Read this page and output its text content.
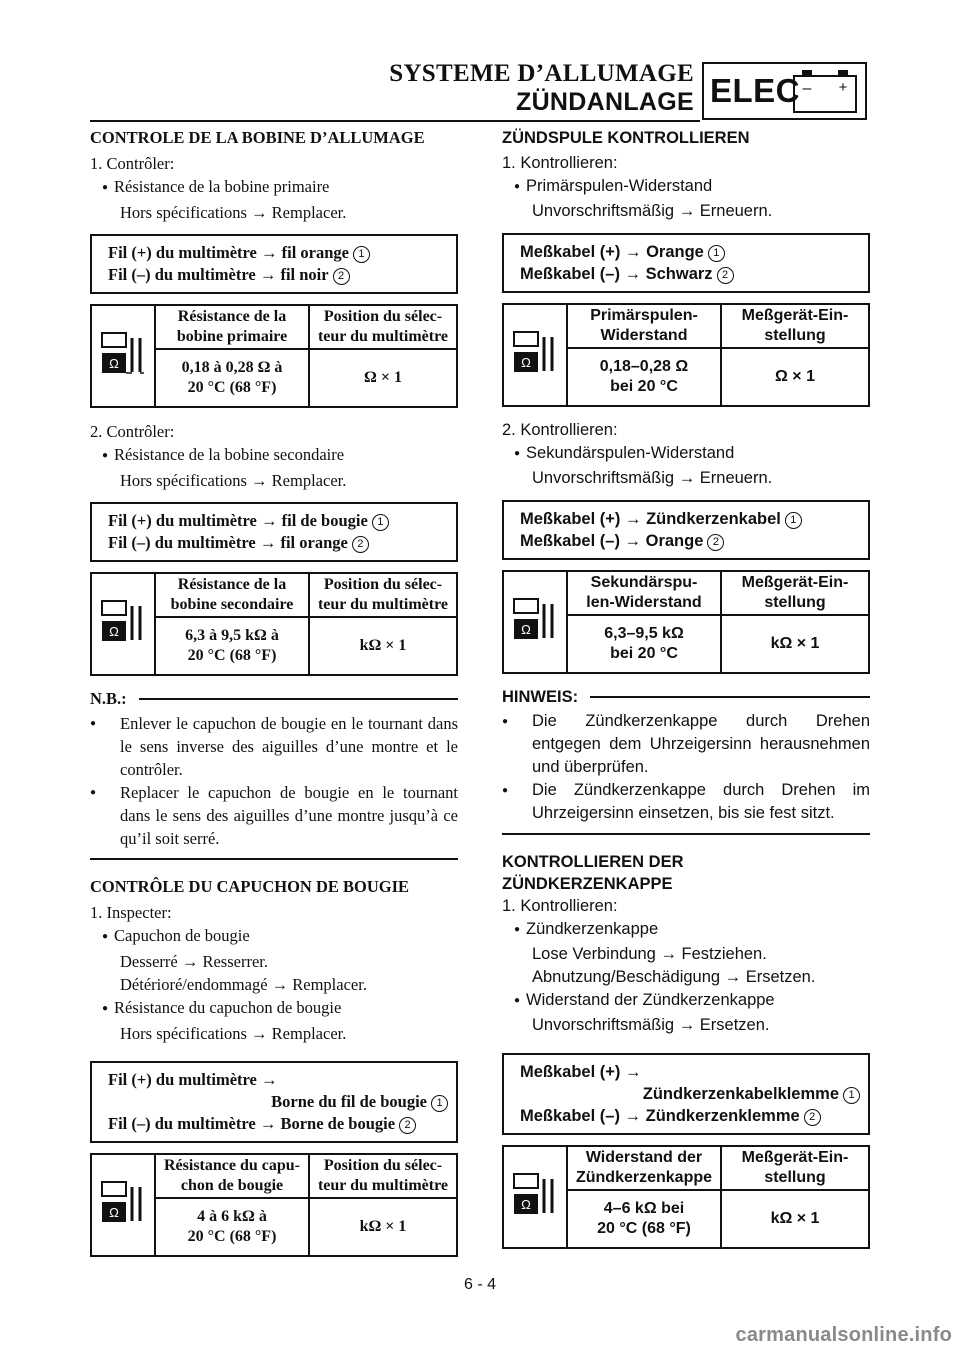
SYSTEME D’ALLUMAGE
ZÜNDANLAGE ELEC – +
CONTROLE DE LA BOBINE D’ALLUMAGE
1. Contrôler:
● Résistance de la bobine primaire
Hors spécifications → Remplacer.
Fil (+) du multimètre → fil orange 1
Fil (–) du multimètre → fil noir 2
Ω	Résistance de la
bobine primaire	Position du sélec-
teur du multimètre
	0,18 à 0,28 Ω à
20 °C (68 °F)	Ω × 1
2. Contrôler:
● Résistance de la bobine secondaire
Hors spécifications → Remplacer.
Fil (+) du multimètre → fil de bougie 1
Fil (–) du multimètre → fil orange 2
Ω	Résistance de la
bobine secondaire	Position du sélec-
teur du multimètre
	6,3 à 9,5 kΩ à
20 °C (68 °F)	kΩ × 1
N.B.:
●	Enlever le capuchon de bougie en le tournant dans le sens inverse des aiguilles d’une montre et le contrôler.
●	Replacer le capuchon de bougie en le tournant dans le sens des aiguilles d’une montre jusqu’à ce qu’il soit serré.
CONTRÔLE DU CAPUCHON DE BOUGIE
1. Inspecter:
● Capuchon de bougie
Desserré → Resserrer.
Détérioré/endommagé → Remplacer.
● Résistance du capuchon de bougie
Hors spécifications → Remplacer.
Fil (+) du multimètre →
Borne du fil de bougie 1
Fil (–) du multimètre → Borne de bougie 2
Ω	Résistance du capu-
chon de bougie	Position du sélec-
teur du multimètre
	4 à 6 kΩ à
20 °C (68 °F)	kΩ × 1
ZÜNDSPULE KONTROLLIEREN
1. Kontrollieren:
● Primärspulen-Widerstand
Unvorschriftsmäßig → Erneuern.
Meßkabel (+) → Orange 1
Meßkabel (–) → Schwarz 2
Ω	Primärspulen-
Widerstand	Meßgerät-Ein-
stellung
	0,18–0,28 Ω
bei 20 °C	Ω × 1
2. Kontrollieren:
● Sekundärspulen-Widerstand
Unvorschriftsmäßig → Erneuern.
Meßkabel (+) → Zündkerzenkabel 1
Meßkabel (–) → Orange 2
Ω	Sekundärspu-
len-Widerstand	Meßgerät-Ein-
stellung
	6,3–9,5 kΩ
bei 20 °C	kΩ × 1
HINWEIS:
●	Die Zündkerzenkappe durch Drehen entgegen dem Uhrzeigersinn herausnehmen und überprüfen.
●	Die Zündkerzenkappe durch Drehen im Uhrzeigersinn einsetzen, bis sie fest sitzt.
KONTROLLIEREN DER
ZÜNDKERZENKAPPE
1. Kontrollieren:
● Zündkerzenkappe
Lose Verbindung → Festziehen.
Abnutzung/Beschädigung → Ersetzen.
● Widerstand der Zündkerzenkappe
Unvorschriftsmäßig → Ersetzen.
Meßkabel (+) →
Zündkerzenkabelklemme 1
Meßkabel (–) → Zündkerzenklemme 2
Ω	Widerstand der
Zündkerzenkappe	Meßgerät-Ein-
stellung
	4–6 kΩ bei
20 °C (68 °F)	kΩ × 1
6 - 4
carmanualsonline.info
